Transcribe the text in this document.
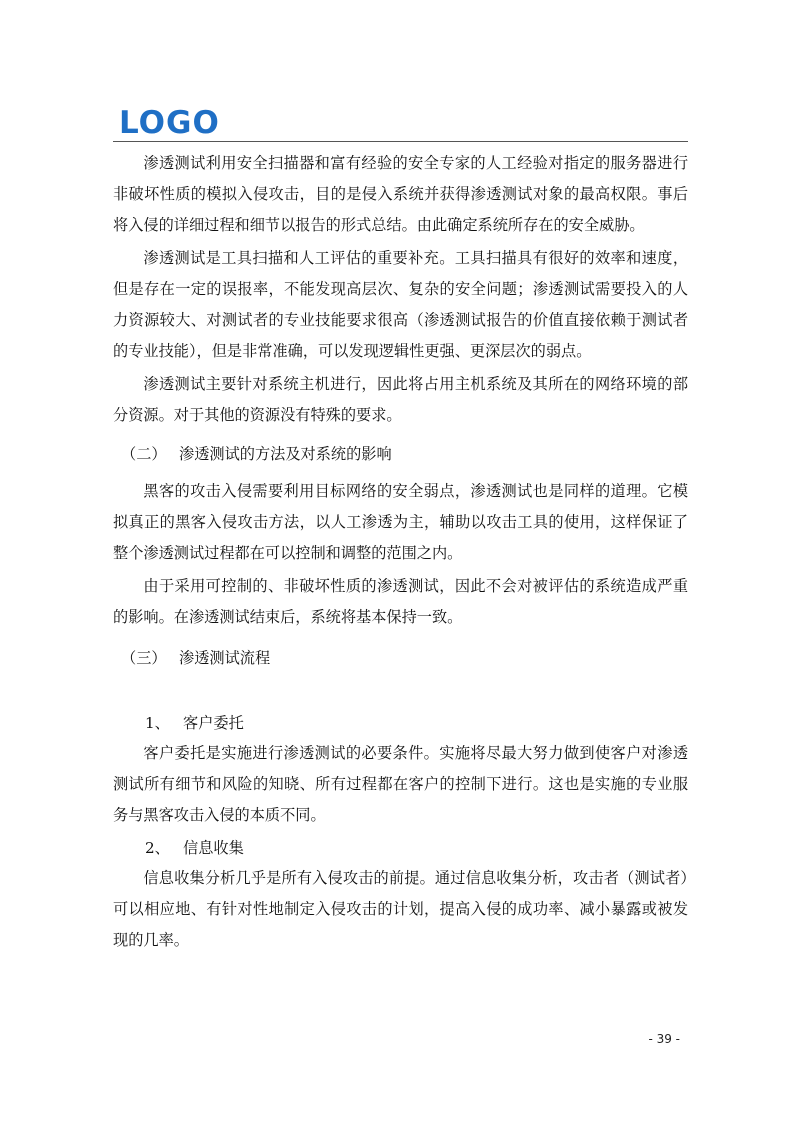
LOGO

渗透测试利用安全扫描器和富有经验的安全专家的人工经验对指定的服务器进行非破坏性质的模拟入侵攻击，目的是侵入系统并获得渗透测试对象的最高权限。事后将入侵的详细过程和细节以报告的形式总结。由此确定系统所存在的安全威胁。

渗透测试是工具扫描和人工评估的重要补充。工具扫描具有很好的效率和速度，但是存在一定的误报率，不能发现高层次、复杂的安全问题；渗透测试需要投入的人力资源较大、对测试者的专业技能要求很高（渗透测试报告的价值直接依赖于测试者的专业技能），但是非常准确，可以发现逻辑性更强、更深层次的弱点。

渗透测试主要针对系统主机进行，因此将占用主机系统及其所在的网络环境的部分资源。对于其他的资源没有特殊的要求。

（二） 渗透测试的方法及对系统的影响

黑客的攻击入侵需要利用目标网络的安全弱点，渗透测试也是同样的道理。它模拟真正的黑客入侵攻击方法，以人工渗透为主，辅助以攻击工具的使用，这样保证了整个渗透测试过程都在可以控制和调整的范围之内。

由于采用可控制的、非破坏性质的渗透测试，因此不会对被评估的系统造成严重的影响。在渗透测试结束后，系统将基本保持一致。

（三） 渗透测试流程
1、 客户委托

客户委托是实施进行渗透测试的必要条件。实施将尽最大努力做到使客户对渗透测试所有细节和风险的知晓、所有过程都在客户的控制下进行。这也是实施的专业服务与黑客攻击入侵的本质不同。

2、 信息收集

信息收集分析几乎是所有入侵攻击的前提。通过信息收集分析，攻击者（测试者）可以相应地、有针对性地制定入侵攻击的计划，提高入侵的成功率、减小暴露或被发现的几率。

- 39 -
